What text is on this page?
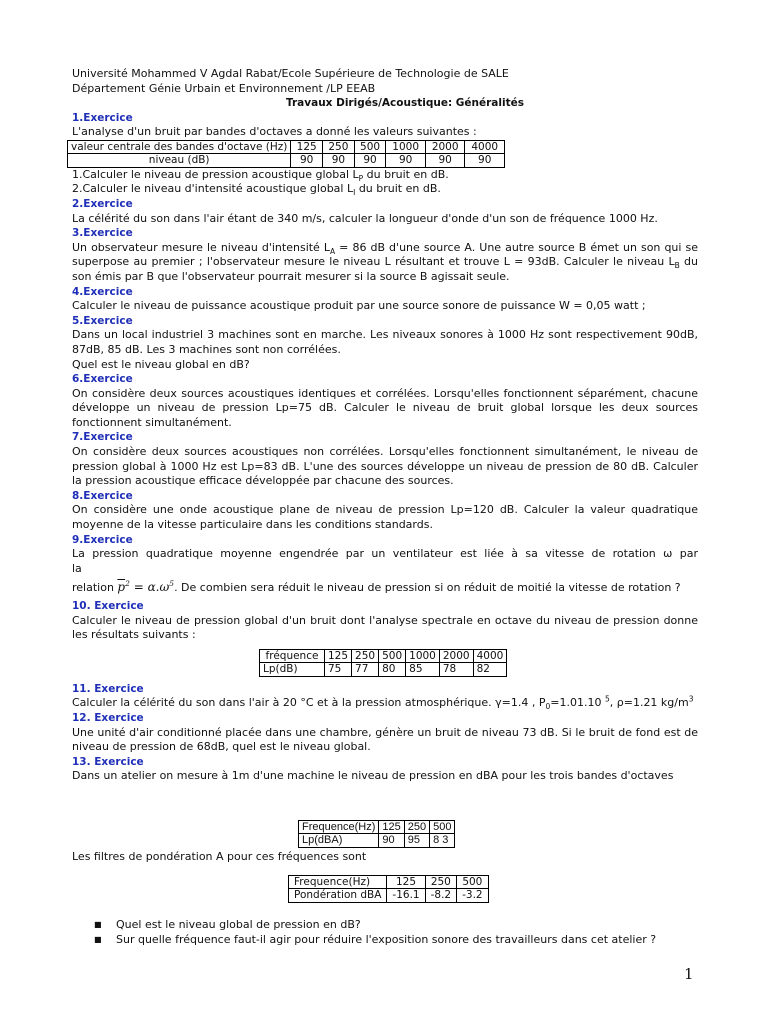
Université Mohammed V Agdal Rabat/Ecole Supérieure de Technologie de SALE

Département Génie Urbain et Environnement /LP EEAB

Travaux Dirigés/Acoustique: Généralités

1.Exercice

L'analyse d'un bruit par bandes d'octaves a donné les valeurs suivantes :

valeur centrale des bandes d'octave (Hz)	125	250	500	1000	2000	4000
niveau (dB)	90	90	90	90	90	90

1.Calculer le niveau de pression acoustique global $L_P$ du bruit en dB.

2.Calculer le niveau d'intensité acoustique global $L_I$ du bruit en dB.

2.Exercice

La célérité du son dans l'air étant de 340 m/s, calculer la longueur d'onde d'un son de fréquence 1000 Hz.

3.Exercice

Un observateur mesure le niveau d'intensité $L_A = 86$ dB d'une source A. Une autre source B émet un son qui se superpose au premier ; l'observateur mesure le niveau L résultant et trouve L = 93dB. Calculer le niveau $L_B$ du son émis par B que l'observateur pourrait mesurer si la source B agissait seule.

4.Exercice

Calculer le niveau de puissance acoustique produit par une source sonore de puissance W = 0,05 watt ;

5.Exercice

Dans un local industriel 3 machines sont en marche. Les niveaux sonores à 1000 Hz sont respectivement 90dB, 87dB, 85 dB. Les 3 machines sont non corrélées.

Quel est le niveau global en dB?

6.Exercice

On considère deux sources acoustiques identiques et corrélées. Lorsqu'elles fonctionnent séparément, chacune développe un niveau de pression Lp=75 dB. Calculer le niveau de bruit global lorsque les deux sources fonctionnent simultanément.

7.Exercice

On considère deux sources acoustiques non corrélées. Lorsqu'elles fonctionnent simultanément, le niveau de pression global à 1000 Hz est Lp=83 dB. L'une des sources développe un niveau de pression de 80 dB. Calculer la pression acoustique efficace développée par chacune des sources.

8.Exercice

On considère une onde acoustique plane de niveau de pression Lp=120 dB. Calculer la valeur quadratique moyenne de la vitesse particulaire dans les conditions standards.

9.Exercice

La pression quadratique moyenne engendrée par un ventilateur est liée à sa vitesse de rotation ω par la

relation $\overline{p}^2 = \alpha.\omega^5$. De combien sera réduit le niveau de pression si on réduit de moitié la vitesse de rotation ?

10. Exercice

Calculer le niveau de pression global d'un bruit dont l'analyse spectrale en octave du niveau de pression donne les résultats suivants :

fréquence	125	250	500	1000	2000	4000
Lp(dB)	75	77	80	85	78	82

11. Exercice

Calculer la célérité du son dans l'air à 20 °C et à la pression atmosphérique. γ=1.4 , $P_0=1.01.10$ $^5$, ρ=1.21 $kg/m^3$

12. Exercice

Une unité d'air conditionné placée dans une chambre, génère un bruit de niveau 73 dB. Si le bruit de fond est de niveau de pression de 68dB, quel est le niveau global.

13. Exercice

Dans un atelier on mesure à 1m d'une machine le niveau de pression en dBA pour les trois bandes d'octaves

Frequence(Hz)	125	250	500
Lp(dBA)	90	95	8 3

Les filtres de pondération A pour ces fréquences sont

Frequence(Hz)	125	250	500
Pondération dBA	-16.1	-8.2	-3.2
■ Quel est le niveau global de pression en dB?
■ Sur quelle fréquence faut-il agir pour réduire l'exposition sonore des travailleurs dans cet atelier ?
1
